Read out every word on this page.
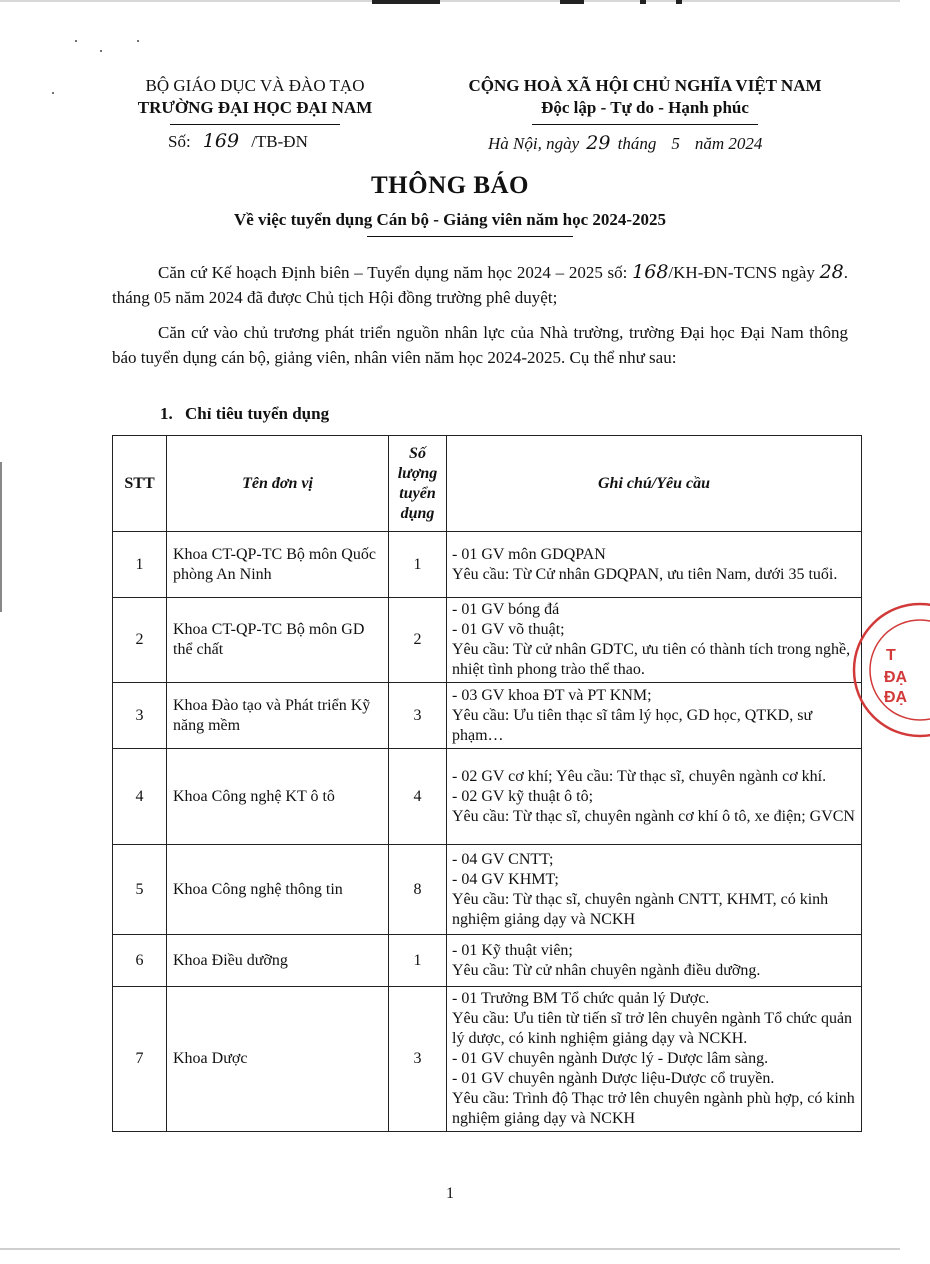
BỘ GIÁO DỤC VÀ ĐÀO TẠO
TRƯỜNG ĐẠI HỌC ĐẠI NAM
Số: 169 /TB-ĐN
CỘNG HOÀ XÃ HỘI CHỦ NGHĨA VIỆT NAM
Độc lập - Tự do - Hạnh phúc
Hà Nội, ngày 29 tháng 5 năm 2024
THÔNG BÁO
Về việc tuyển dụng Cán bộ - Giảng viên năm học 2024-2025

Căn cứ Kế hoạch Định biên – Tuyển dụng năm học 2024 – 2025 số: 168/KH-ĐN-TCNS ngày 28. tháng 05 năm 2024 đã được Chủ tịch Hội đồng trường phê duyệt;

Căn cứ vào chủ trương phát triển nguồn nhân lực của Nhà trường, trường Đại học Đại Nam thông báo tuyển dụng cán bộ, giảng viên, nhân viên năm học 2024-2025. Cụ thể như sau:

1. Chỉ tiêu tuyển dụng
STT	Tên đơn vị	Số lượng tuyển dụng	Ghi chú/Yêu cầu
1	Khoa CT-QP-TC Bộ môn Quốc phòng An Ninh	1	- 01 GV môn GDQPAN
Yêu cầu: Từ Cử nhân GDQPAN, ưu tiên Nam, dưới 35 tuổi.

2	Khoa CT-QP-TC Bộ môn GD thể chất	2	- 01 GV bóng đá
- 01 GV võ thuật;
Yêu cầu: Từ cử nhân GDTC, ưu tiên có thành tích trong nghề, nhiệt tình phong trào thể thao.

3	Khoa Đào tạo và Phát triển Kỹ năng mềm	3	- 03 GV khoa ĐT và PT KNM;
Yêu cầu: Ưu tiên thạc sĩ tâm lý học, GD học, QTKD, sư phạm…

4	Khoa Công nghệ KT ô tô	4	- 02 GV cơ khí; Yêu cầu: Từ thạc sĩ, chuyên ngành cơ khí.
- 02 GV kỹ thuật ô tô;
Yêu cầu: Từ thạc sĩ, chuyên ngành cơ khí ô tô, xe điện; GVCN

5	Khoa Công nghệ thông tin	8	- 04 GV CNTT;
- 04 GV KHMT;
Yêu cầu: Từ thạc sĩ, chuyên ngành CNTT, KHMT, có kinh nghiệm giảng dạy và NCKH

6	Khoa Điều dưỡng	1	- 01 Kỹ thuật viên;
Yêu cầu: Từ cử nhân chuyên ngành điều dưỡng.

7	Khoa Dược	3	- 01 Trưởng BM Tổ chức quản lý Dược.
Yêu cầu: Ưu tiên từ tiến sĩ trở lên chuyên ngành Tổ chức quản lý dược, có kinh nghiệm giảng dạy và NCKH.
- 01 GV chuyên ngành Dược lý - Dược lâm sàng.
- 01 GV chuyên ngành Dược liệu-Dược cổ truyền.
Yêu cầu: Trình độ Thạc trở lên chuyên ngành phù hợp, có kinh nghiệm giảng dạy và NCKH
T
ĐẠ
ĐẠ
1
